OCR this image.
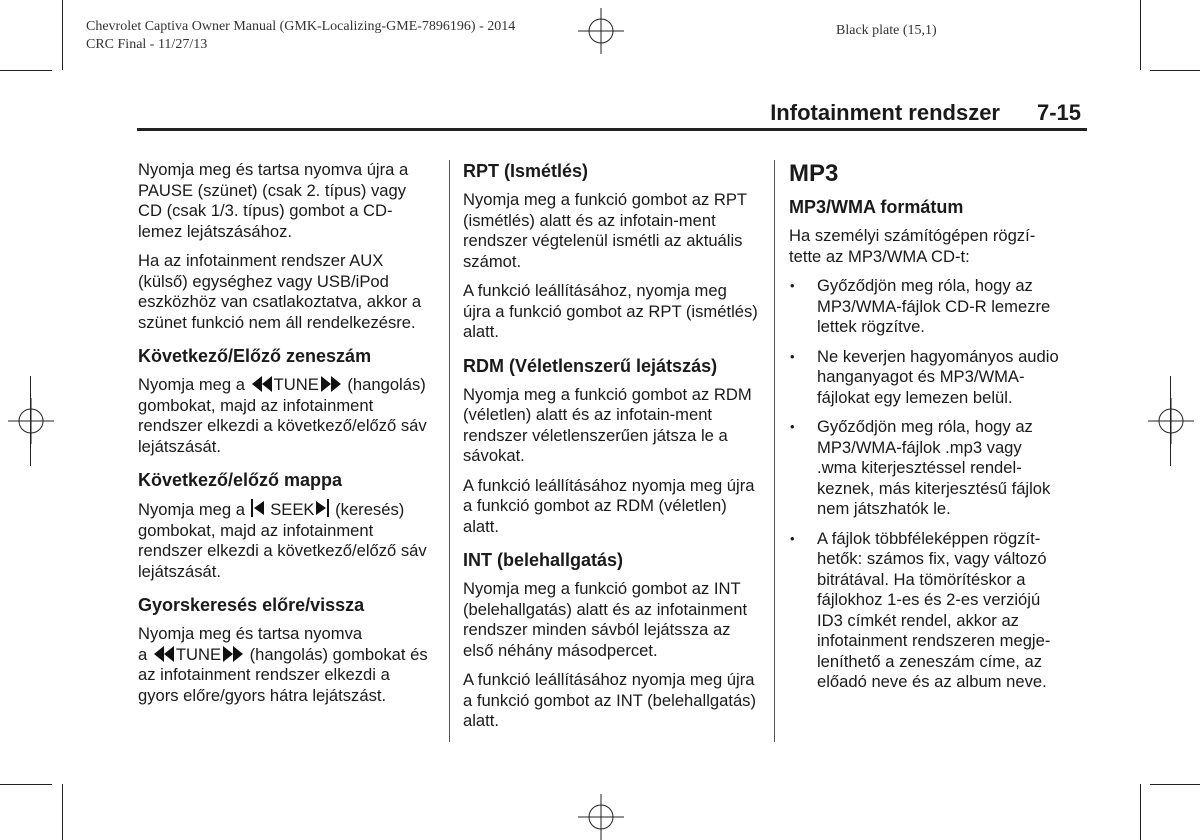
Chevrolet Captiva Owner Manual (GMK-Localizing-GME-7896196) - 2014
CRC Final - 11/27/13
Black plate (15,1)
Infotainment rendszer 7-15

Nyomja meg és tartsa nyomva újra a PAUSE (szünet) (csak 2. típus) vagy CD (csak 1/3. típus) gombot a CD-lemez lejátszásához.

Ha az infotainment rendszer AUX (külső) egységhez vagy USB/iPod eszközhöz van csatlakoztatva, akkor a szünet funkció nem áll rendelkezésre.

Következő/Előző zeneszám

Nyomja meg a TUNE (hangolás) gombokat, majd az infotainment rendszer elkezdi a következő/előző sáv lejátszását.

Következő/előző mappa

Nyomja meg a  SEEK (keresés) gombokat, majd az infotainment rendszer elkezdi a következő/előző sáv lejátszását.

Gyorskeresés előre/vissza

Nyomja meg és tartsa nyomva
a TUNE (hangolás) gombokat és az infotainment rendszer elkezdi a gyors előre/gyors hátra lejátszást.

RPT (Ismétlés)

Nyomja meg a funkció gombot az RPT (ismétlés) alatt és az infotain-ment rendszer végtelenül ismétli az aktuális számot.

A funkció leállításához, nyomja meg újra a funkció gombot az RPT (ismétlés) alatt.

RDM (Véletlenszerű lejátszás)

Nyomja meg a funkció gombot az RDM (véletlen) alatt és az infotain-ment rendszer véletlenszerűen játsza le a sávokat.

A funkció leállításához nyomja meg újra a funkció gombot az RDM (véletlen) alatt.

INT (belehallgatás)

Nyomja meg a funkció gombot az INT (belehallgatás) alatt és az infotainment rendszer minden sávból lejátssza az első néhány másodpercet.

A funkció leállításához nyomja meg újra a funkció gombot az INT (belehallgatás) alatt.

MP3
MP3/WMA formátum

Ha személyi számítógépen rögzí-tette az MP3/WMA CD-t:

• Győződjön meg róla, hogy az MP3/WMA-fájlok CD-R lemezre lettek rögzítve.
• Ne keverjen hagyományos audio hanganyagot és MP3/WMA-fájlokat egy lemezen belül.
• Győződjön meg róla, hogy az MP3/WMA-fájlok .mp3 vagy .wma kiterjesztéssel rendel-keznek, más kiterjesztésű fájlok nem játszhatók le.
• A fájlok többféleképpen rögzít-hetők: számos fix, vagy változó bitrátával. Ha tömörítéskor a fájlokhoz 1-es és 2-es verziójú ID3 címkét rendel, akkor az infotainment rendszeren megje-leníthető a zeneszám címe, az előadó neve és az album neve.
